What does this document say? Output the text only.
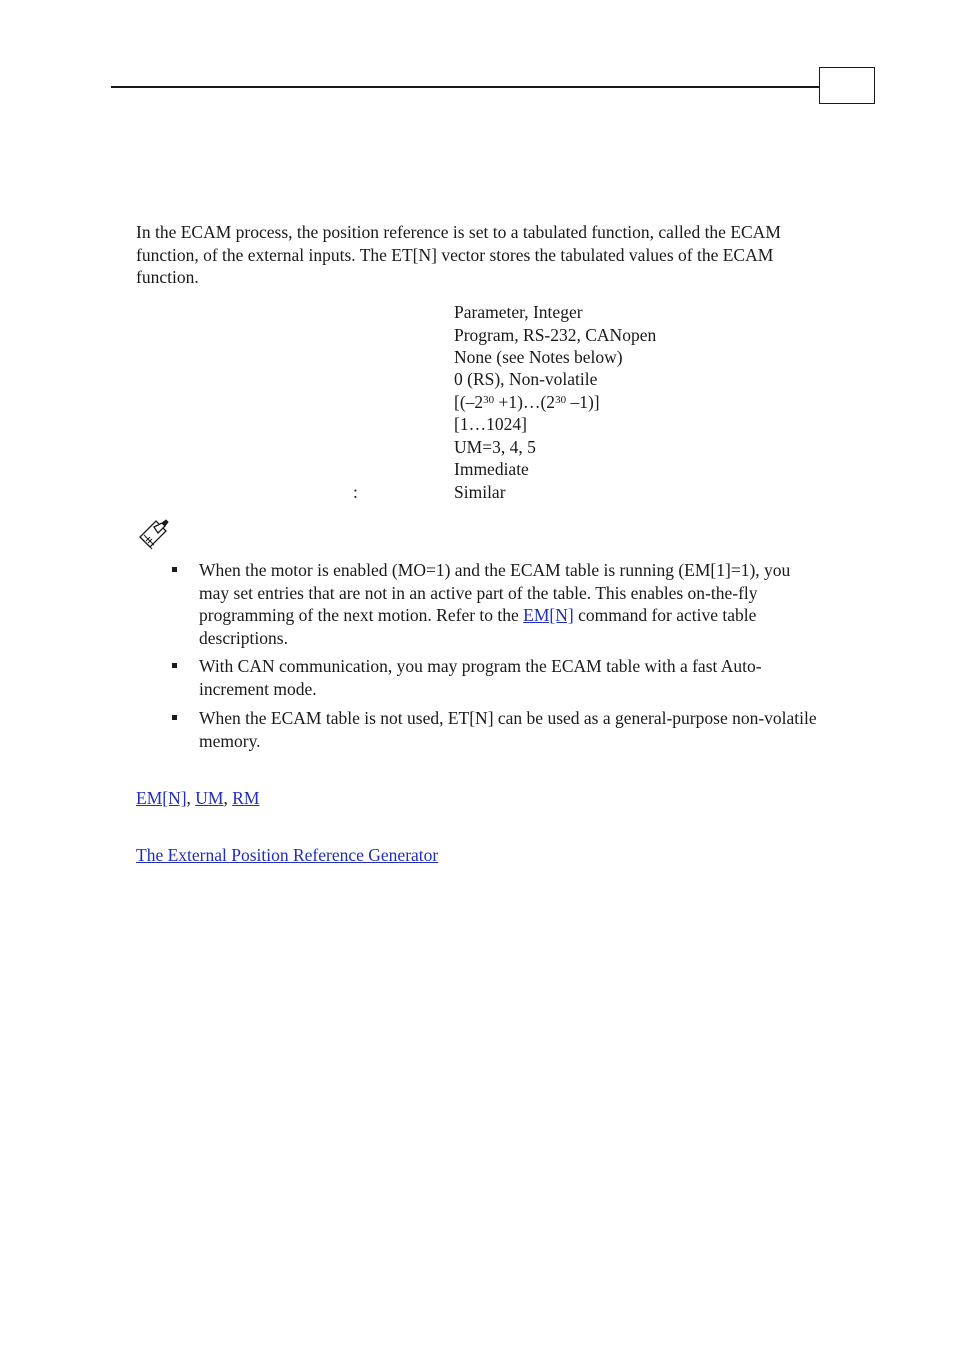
In the ECAM process, the position reference is set to a tabulated function, called the ECAM function, of the external inputs. The ET[N] vector stores the tabulated values of the ECAM function.

Parameter, Integer
Program, RS-232, CANopen
None (see Notes below)
0 (RS), Non-volatile
[($-2^{30}$ $+1)\dots(2^{30}$ –1)]
[1…1024]
UM=3, 4, 5
Immediate
:	Similar

When the motor is enabled (MO=1) and the ECAM table is running (EM[1]=1), you may set entries that are not in an active part of the table. This enables on-the-fly programming of the next motion. Refer to the EM[N] command for active table descriptions.

With CAN communication, you may program the ECAM table with a fast Auto-increment mode.

When the ECAM table is not used, ET[N] can be used as a general-purpose non-volatile memory.

EM[N], UM, RM

The External Position Reference Generator
